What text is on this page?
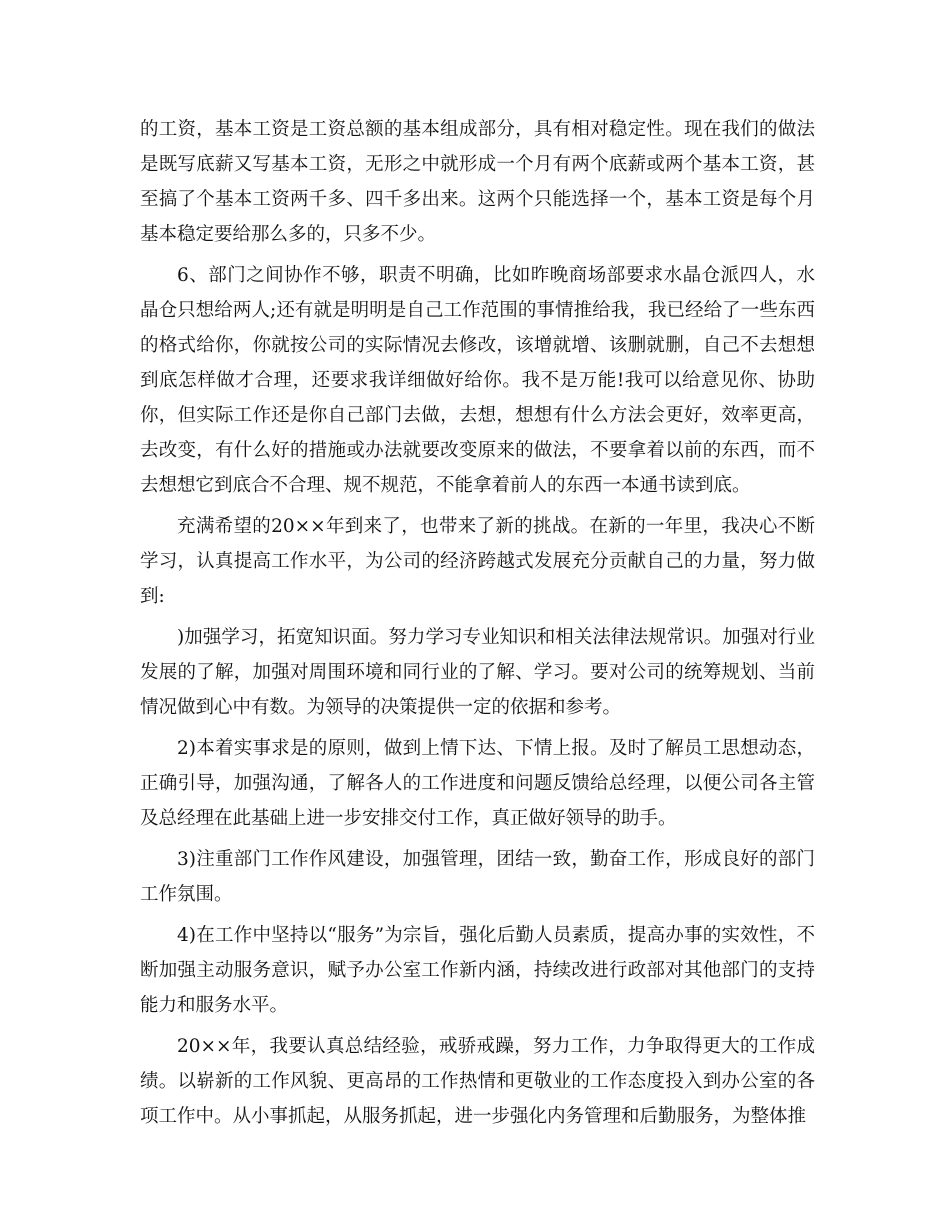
的工资，基本工资是工资总额的基本组成部分，具有相对稳定性。现在我们的做法是既写底薪又写基本工资，无形之中就形成一个月有两个底薪或两个基本工资，甚至搞了个基本工资两千多、四千多出来。这两个只能选择一个，基本工资是每个月基本稳定要给那么多的，只多不少。

6、部门之间协作不够，职责不明确，比如昨晚商场部要求水晶仓派四人，水晶仓只想给两人;还有就是明明是自己工作范围的事情推给我，我已经给了一些东西的格式给你，你就按公司的实际情况去修改，该增就增、该删就删，自己不去想想到底怎样做才合理，还要求我详细做好给你。我不是万能!我可以给意见你、协助你，但实际工作还是你自己部门去做，去想，想想有什么方法会更好，效率更高，去改变，有什么好的措施或办法就要改变原来的做法，不要拿着以前的东西，而不去想想它到底合不合理、规不规范，不能拿着前人的东西一本通书读到底。

充满希望的20××年到来了，也带来了新的挑战。在新的一年里，我决心不断学习，认真提高工作水平，为公司的经济跨越式发展充分贡献自己的力量，努力做到:

)加强学习，拓宽知识面。努力学习专业知识和相关法律法规常识。加强对行业发展的了解，加强对周围环境和同行业的了解、学习。要对公司的统筹规划、当前情况做到心中有数。为领导的决策提供一定的依据和参考。

2)本着实事求是的原则，做到上情下达、下情上报。及时了解员工思想动态，正确引导，加强沟通，了解各人的工作进度和问题反馈给总经理，以便公司各主管及总经理在此基础上进一步安排交付工作，真正做好领导的助手。

3)注重部门工作作风建设，加强管理，团结一致，勤奋工作，形成良好的部门工作氛围。

4)在工作中坚持以“服务”为宗旨，强化后勤人员素质，提高办事的实效性，不断加强主动服务意识，赋予办公室工作新内涵，持续改进行政部对其他部门的支持能力和服务水平。

20××年，我要认真总结经验，戒骄戒躁，努力工作，力争取得更大的工作成绩。以崭新的工作风貌、更高昂的工作热情和更敬业的工作态度投入到办公室的各项工作中。从小事抓起，从服务抓起，进一步强化内务管理和后勤服务，为整体推
